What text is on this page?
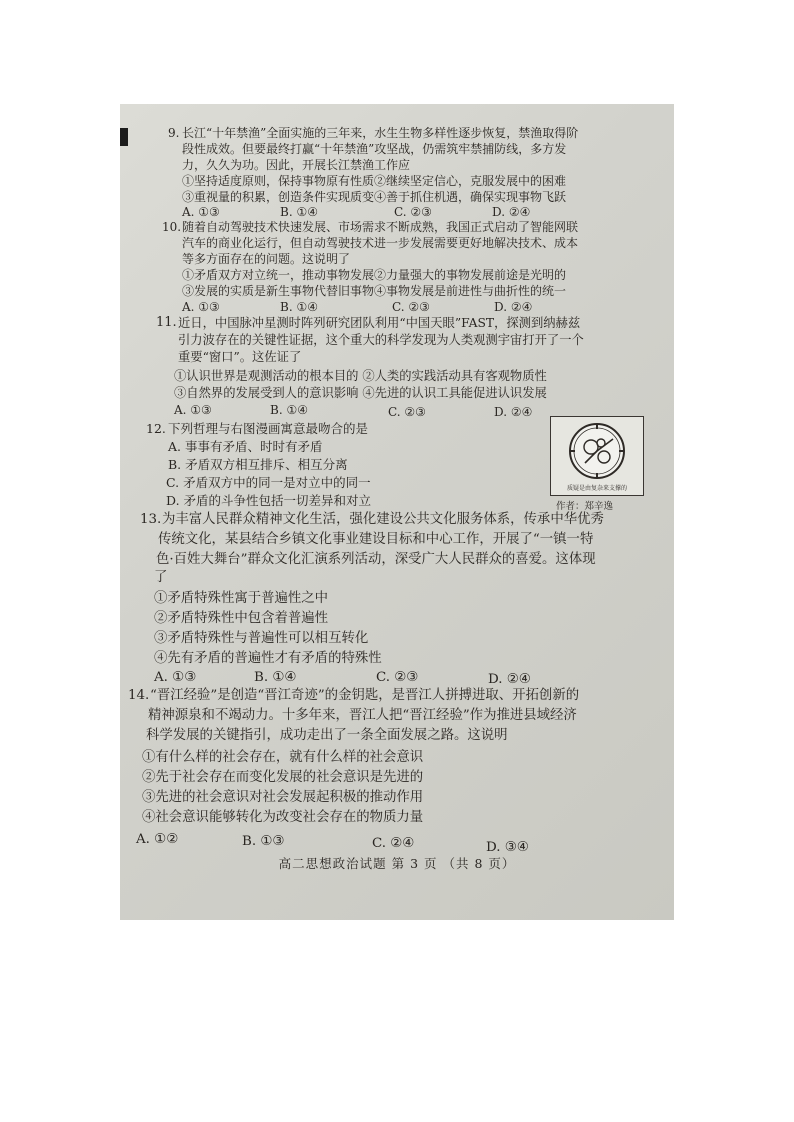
9. 长江“十年禁渔”全面实施的三年来，水生生物多样性逐步恢复，禁渔取得阶
段性成效。但要最终打赢“十年禁渔”攻坚战，仍需筑牢禁捕防线，多方发
力，久久为功。因此，开展长江禁渔工作应
①坚持适度原则，保持事物原有性质②继续坚定信心，克服发展中的困难
③重视量的积累，创造条件实现质变④善于抓住机遇，确保实现事物飞跃
A. ①③	B. ①④	C. ②③	D. ②④
10. 随着自动驾驶技术快速发展、市场需求不断成熟，我国正式启动了智能网联
汽车的商业化运行，但自动驾驶技术进一步发展需要更好地解决技术、成本
等多方面存在的问题。这说明了
①矛盾双方对立统一，推动事物发展②力量强大的事物发展前途是光明的
③发展的实质是新生事物代替旧事物④事物发展是前进性与曲折性的统一
A. ①③	B. ①④	C. ②③	D. ②④
11. 近日，中国脉冲星测时阵列研究团队利用“中国天眼”FAST，探测到纳赫兹
引力波存在的关键性证据，这个重大的科学发现为人类观测宇宙打开了一个
重要“窗口”。这佐证了
①认识世界是观测活动的根本目的 ②人类的实践活动具有客观物质性
③自然界的发展受到人的意识影响 ④先进的认识工具能促进认识发展
A. ①③	B. ①④	C. ②③	D. ②④
12. 下列哲理与右图漫画寓意最吻合的是
A. 事事有矛盾、时时有矛盾
B. 矛盾双方相互排斥、相互分离
C. 矛盾双方中的同一是对立中的同一
D. 矛盾的斗争性包括一切差异和对立
质疑是由复杂来支撑的
作者：郑辛逸
13. 为丰富人民群众精神文化生活，强化建设公共文化服务体系，传承中华优秀
传统文化，某县结合乡镇文化事业建设目标和中心工作，开展了“一镇一特
色·百姓大舞台”群众文化汇演系列活动，深受广大人民群众的喜爱。这体现
了
①矛盾特殊性寓于普遍性之中
②矛盾特殊性中包含着普遍性
③矛盾特殊性与普遍性可以相互转化
④先有矛盾的普遍性才有矛盾的特殊性
A. ①③	B. ①④	C. ②③	D. ②④
14. “晋江经验”是创造“晋江奇迹”的金钥匙，是晋江人拼搏进取、开拓创新的
精神源泉和不竭动力。十多年来，晋江人把“晋江经验”作为推进县域经济
科学发展的关键指引，成功走出了一条全面发展之路。这说明
①有什么样的社会存在，就有什么样的社会意识
②先于社会存在而变化发展的社会意识是先进的
③先进的社会意识对社会发展起积极的推动作用
④社会意识能够转化为改变社会存在的物质力量
A. ①②	B. ①③	C. ②④	D. ③④
高二思想政治试题 第 3 页 （共 8 页）
